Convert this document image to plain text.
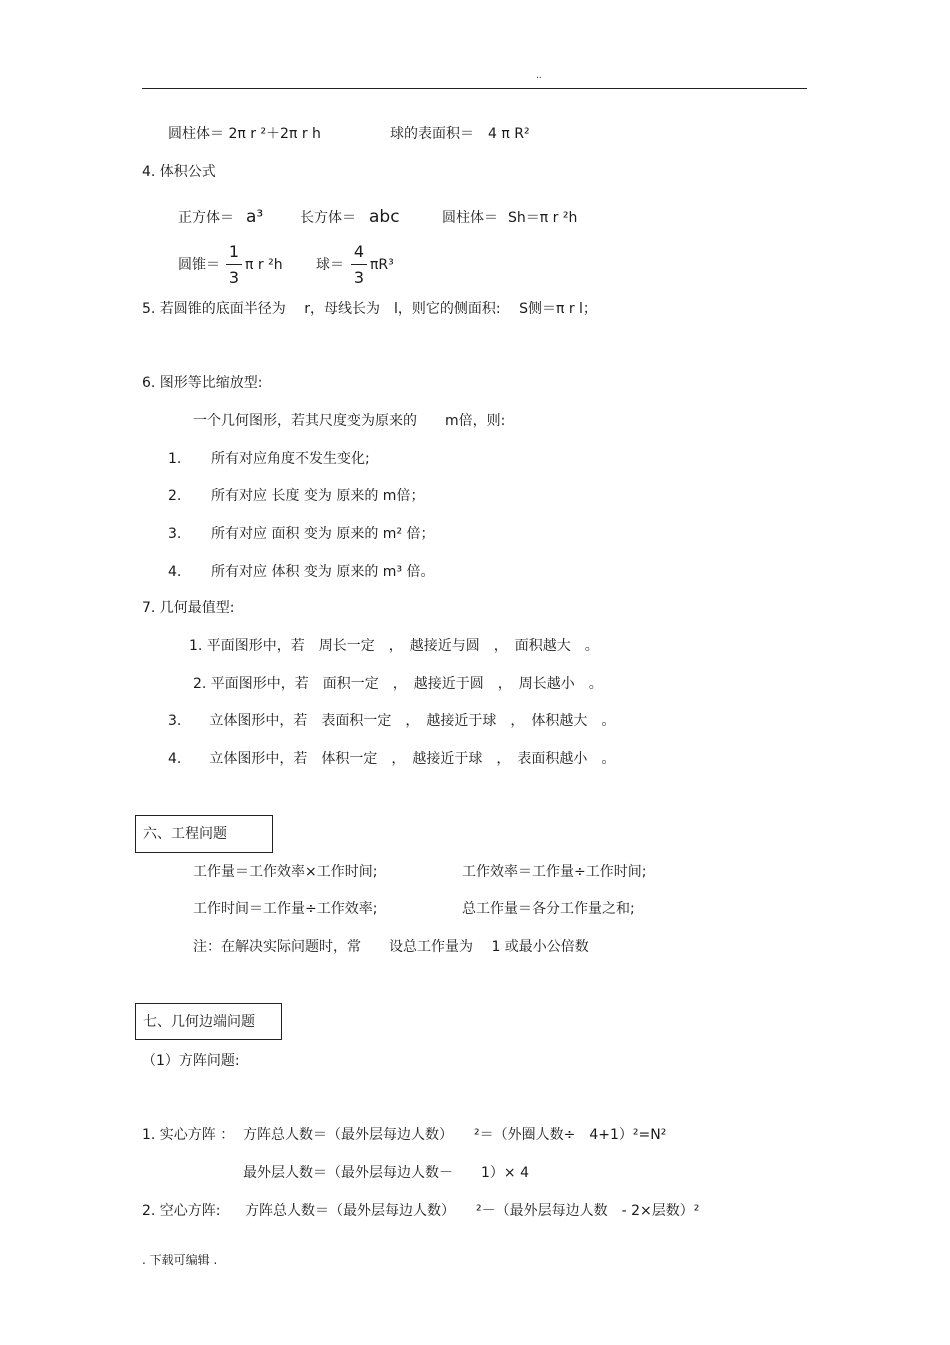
..
圆柱体＝ 2π r ²＋2π r h	球的表面积＝　4 π R²
4. 体积公式
正方体＝ a³	长方体＝ abc	圆柱体＝ Sh＝π r ²h
圆锥＝
1
3
π r ²h 球＝
4
3
πR³
5. 若圆锥的底面半径为　 r，母线长为　l，则它的侧面积:　 S侧＝π r l；
6. 图形等比缩放型:
一个几何图形，若其尺度变为原来的　　m倍，则:
1. 所有对应角度不发生变化;
2. 所有对应 长度 变为 原来的 m倍；
3. 所有对应 面积 变为 原来的 m² 倍；
4. 所有对应 体积 变为 原来的 m³ 倍。
7. 几何最值型:
1. 平面图形中，若　周长一定　，　越接近与圆　，　面积越大　。
2. 平面图形中，若　面积一定　，　越接近于圆　，　周长越小　。
3.　　立体图形中，若　表面积一定　，　越接近于球　，　体积越大　。
4.　　立体图形中，若　体积一定　，　越接近于球　，　表面积越小　。
六、工程问题
工作量＝工作效率×工作时间;	工作效率＝工作量÷工作时间;
工作时间＝工作量÷工作效率;	总工作量＝各分工作量之和;
注：在解决实际问题时，常　　设总工作量为　 1 或最小公倍数
七、几何边端问题
（1）方阵问题:
1. 实心方阵 ： 方阵总人数＝（最外层每边人数）　　²＝（外圈人数÷　4+1）²=N²
最外层人数＝（最外层每边人数－　　1）× 4
2. 空心方阵: 方阵总人数＝（最外层每边人数）　　²－（最外层每边人数　- 2×层数）²
. 下载可编辑 .
